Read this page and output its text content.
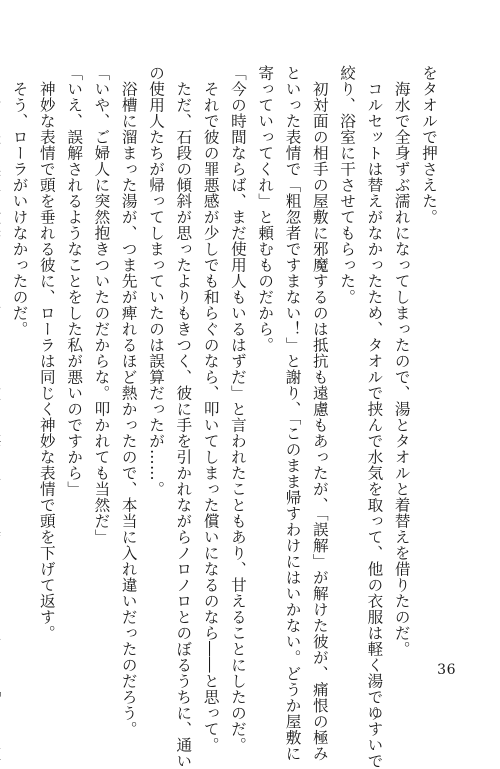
をタオルで押さえた。
　海水で全身ずぶ濡れになってしまったので、湯とタオルと着替えを借りたのだ。
　コルセットは替えがなかったため、タオルで挟んで水気を取って、他の衣服は軽く湯でゆすいで
絞り、浴室に干させてもらった。
　初対面の相手の屋敷に邪魔するのは抵抗も遠慮もあったが、「誤解」が解けた彼が、痛恨の極み
といった表情で「粗忽者ですまない！」と謝り、「このまま帰すわけにはいかない。どうか屋敷に
寄っていってくれ」と頼むものだから。
「今の時間ならば、まだ使用人もいるはずだ」と言われたこともあり、甘えることにしたのだ。
　それで彼の罪悪感が少しでも和らぐのなら、叩いてしまった償いになるのなら――と思って。
　ただ、石段の傾斜が思ったよりもきつく、彼に手を引かれながらノロノロとのぼるうちに、通い
の使用人たちが帰ってしまっていたのは誤算だったが……。
　浴槽に溜まった湯が、つま先が痺れるほど熱かったので、本当に入れ違いだったのだろう。
「いや、ご婦人に突然抱きついたのだからな。叩かれても当然だ」
「いえ、誤解されるようなことをした私が悪いのですから」
　神妙な表情で頭を垂れる彼に、ローラは同じく神妙な表情で頭を下げて返す。
　そう、ローラがいけなかったのだ。
36
